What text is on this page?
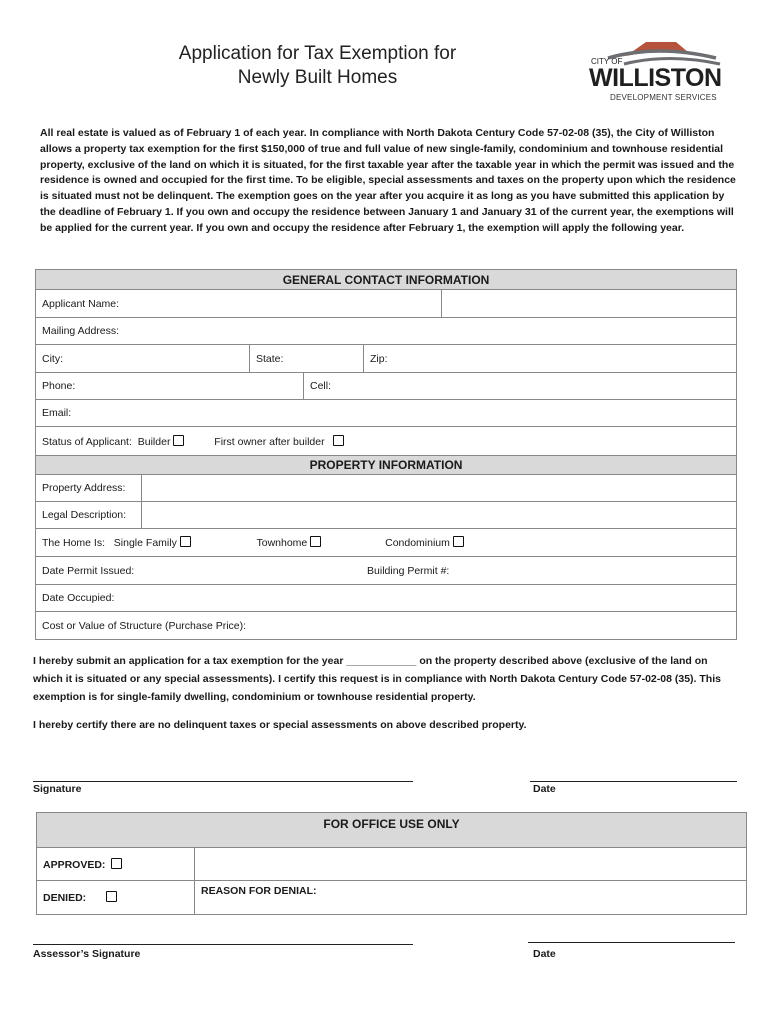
Application for Tax Exemption for
Newly Built Homes
CITY OF
WILLISTON
DEVELOPMENT SERVICES
All real estate is valued as of February 1 of each year. In compliance with North Dakota Century Code 57-02-08 (35), the City of Williston allows a property tax exemption for the first $150,000 of true and full value of new single-family, condominium and townhouse residential property, exclusive of the land on which it is situated, for the first taxable year after the taxable year in which the permit was issued and the residence is owned and occupied for the first time. To be eligible, special assessments and taxes on the property upon which the residence is situated must not be delinquent. The exemption goes on the year after you acquire it as long as you have submitted this application by the deadline of February 1. If you own and occupy the residence between January 1 and January 31 of the current year, the exemptions will be applied for the current year. If you own and occupy the residence after February 1, the exemption will apply the following year.
GENERAL CONTACT INFORMATION					
Applicant Name:					
Mailing Address:					
City:		State:		Zip:	
Phone:			Cell:		
Email:					
Status of Applicant: Builder First owner after builder					
PROPERTY INFORMATION					
Property Address:					
Legal Description:					
The Home Is: Single Family Townhome Condominium					
Date Permit Issued: Building Permit #:					
Date Occupied:					
Cost or Value of Structure (Purchase Price):					
I hereby submit an application for a tax exemption for the year ____________ on the property described above (exclusive of the land on which it is situated or any special assessments). I certify this request is in compliance with North Dakota Century Code 57-02-08 (35). This exemption is for single-family dwelling, condominium or townhouse residential property.
I hereby certify there are no delinquent taxes or special assessments on above described property.
Signature	Date
FOR OFFICE USE ONLY	
APPROVED:	
DENIED:	REASON FOR DENIAL:
Assessor’s Signature	Date
